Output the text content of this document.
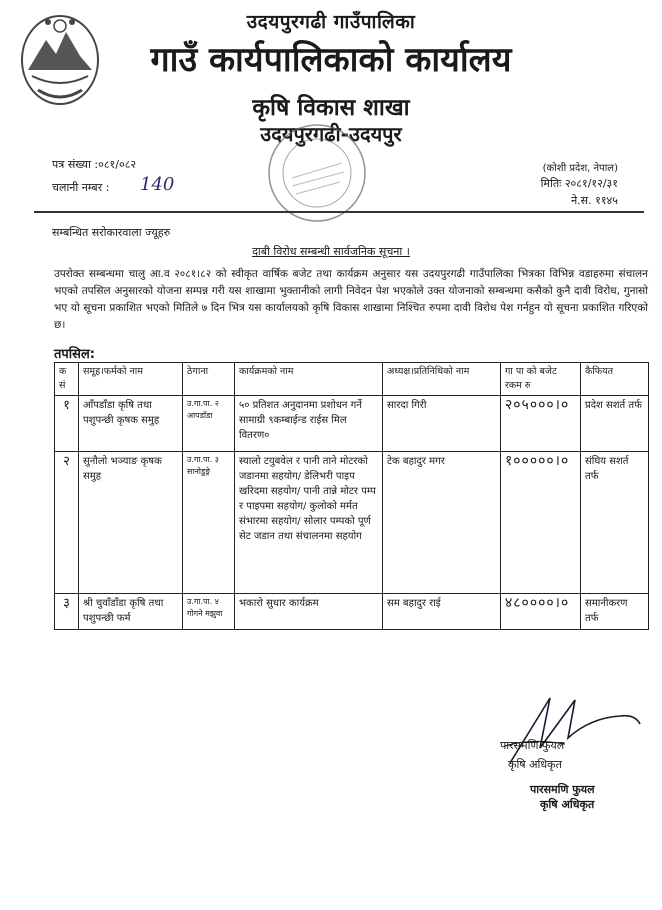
उदयपुरगढी गाउँपालिका
गाउँ कार्यपालिकाको कार्यालय
कृषि विकास शाखा
उदयपुरगढी-उदयपुर
पत्र संख्या :०८१/०८२
चलानी नम्बर : 140
(कोशी प्रदेश, नेपाल)
मितिः २०८१/१२/३१
ने.स. ११४५
सम्बन्धित सरोकारवाला ज्यूहरु
दाबी विरोध सम्बन्धी सार्वजनिक सूचना ।
उपरोक्त सम्बन्धमा चालु आ.व २०८१।८२ को स्वीकृत वार्षिक बजेट तथा कार्यक्रम अनुसार यस उदयपुरगढी गाउँपालिका भित्रका विभिन्न वडाहरुमा संचालन भएको तपसिल अनुसारको योजना सम्पन्न गरी यस शाखामा भुक्तानीको लागी निवेदन पेश भएकोले उक्त योजनाको सम्बन्धमा कसैको कुनै दावी विरोध, गुनासो भए यो सूचना प्रकाशित भएको मितिले ७ दिन भित्र यस कार्यालयको कृषि विकास शाखामा निश्चित रुपमा दावी विरोध पेश गर्नहुन यो सूचना प्रकाशित गरिएको छ।
तपसिल:
क सं	समूह।फर्मको नाम	ठेगाना	कार्यक्रमको नाम	अध्यक्ष।प्रतिनिधिको नाम	गा पा को बजेट रकम रु	कैफियत
१	आँपडाँडा कृषि तथा पशुपन्छी कृषक समुह	उ.गा.पा. २ आपडाँडा	५० प्रतिशत अनुदानमा प्रशोधन गर्ने सामाग्री ९कम्बाईन्ड राईस मिल वितरण०	सारदा गिरी	२०५०००।०	प्रदेश सशर्त तर्फ
२	सुनौलो भञ्याङ कृषक समुह	उ.गा.पा. ३ सानोडुङ्रे	स्यालो टयुबवेल र पानी ताने मोटरको जडानमा सहयोग/ डेलिभरी पाइप खरिदमा सहयोग/ पानी तान्ने मोटर पम्प र पाइपमा सहयोग/ कुलोको मर्मत संभारमा सहयोग/ सोलार पम्पको पूर्ण सेट जडान तथा संचालनमा सहयोग	टेक बहादुर मगर	१०००००।०	संघिय सशर्त तर्फ
३	श्री चुवाँडाँडा कृषि तथा पशुपन्छी फर्म	उ.गा.पा. ४ गोगने मझुवा	भकारो सुधार कार्यक्रम	सम बहादुर राई	४८००००।०	समानीकरण तर्फ
पारसमणि फुयल
कृषि अधिकृत
पारसमणि फुयल
कृषि अधिकृत
